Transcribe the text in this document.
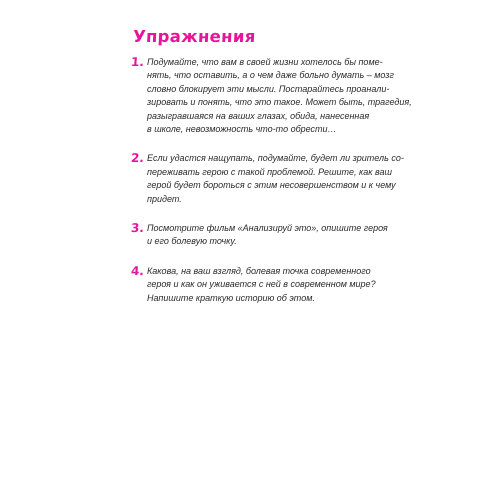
Упражнения
1. Подумайте, что вам в своей жизни хотелось бы поме-
нять, что оставить, а о чем даже больно думать – мозг
словно блокирует эти мысли. Постарайтесь проанали-
зировать и понять, что это такое. Может быть, трагедия,
разыгравшаяся на ваших глазах, обида, нанесенная
в школе, невозможность что-то обрести…
2. Если удастся нащупать, подумайте, будет ли зритель со-
переживать герою с такой проблемой. Решите, как ваш
герой будет бороться с этим несовершенством и к чему
придет.
3. Посмотрите фильм «Анализируй это», опишите героя
и его болевую точку.
4. Какова, на ваш взгляд, болевая точка современного
героя и как он уживается с ней в современном мире?
Напишите краткую историю об этом.
